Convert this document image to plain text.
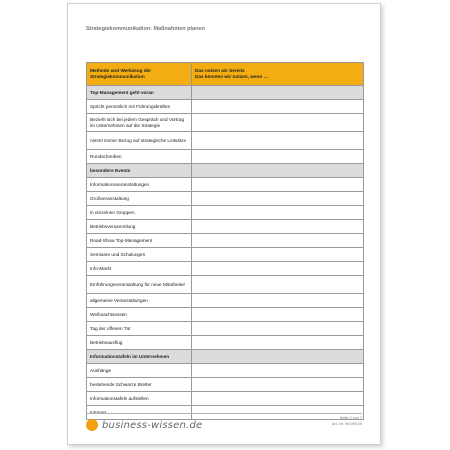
Strategiekommunikation: Maßnahmen planen
Methode und Werkzeug der Strategiekommunikation	Das nutzen wir bereits
Das könnten wir nutzen, wenn …

Top-Management geht voran	
Spricht persönlich mit Führungskräften	
Bezieht sich bei jedem Gespräch und Vortrag im Unternehmen auf die Strategie	
nimmt immer Bezug auf strategische Leitsätze	
Rundschreiben	
besondere Events	
Informationsveranstaltungen	
Großveranstaltung	
in einzelnen Gruppen	
Betriebsversammlung	
Road-Show Top-Management	
Seminare und Schulungen	
Info-Markt	
Einführungsveranstaltung für neue Mitarbeiter	
allgemeine Veranstaltungen	
Weihnachtsessen	
Tag der offenen Tür	
Betriebsausflug	
Informationstafeln im Unternehmen	
Aushänge	
bestehende Schwarze Bretter	
Informationstafeln aufstellen	
Intranet	
business-wissen.de
Seite 2 von 7
Art.-Nr. 99.059.00
